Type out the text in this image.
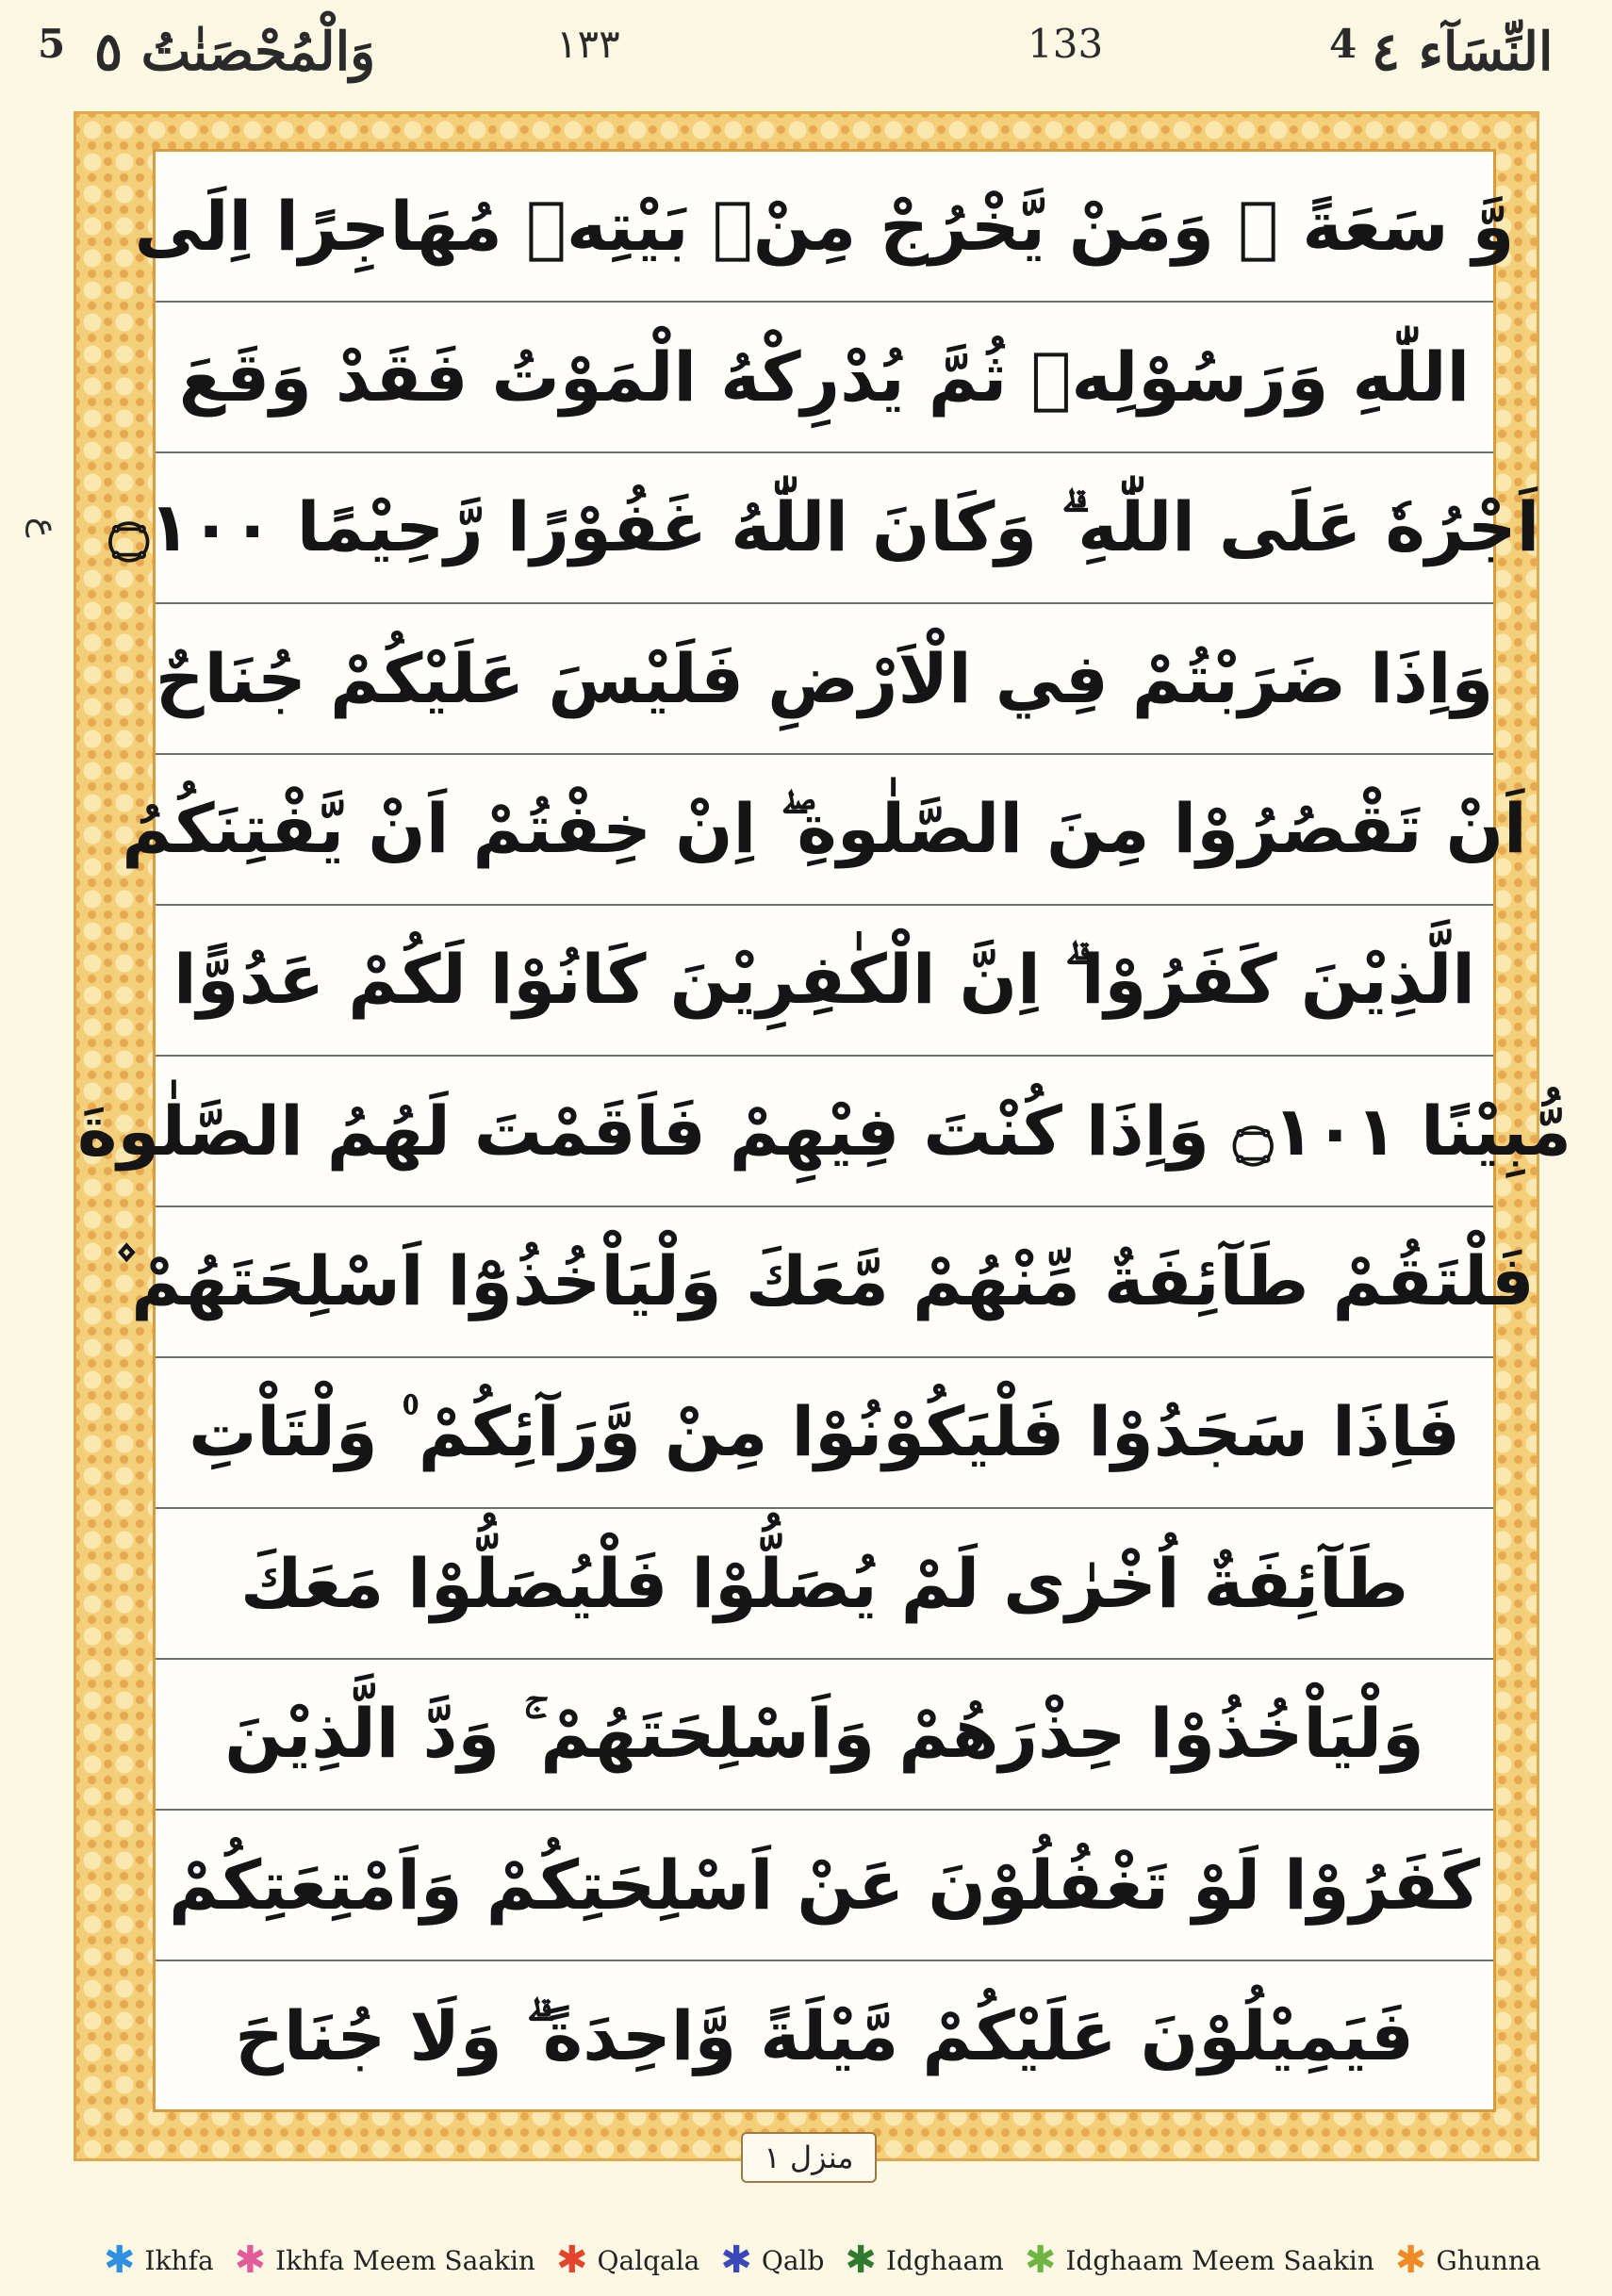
5 وَالْمُحْصَنٰتُ ٥	133
١٣٣	4 النِّسَآء ٤
ع
وَّ سَعَةً ۚ وَمَنْ يَّخْرُجْ مِنْۢ بَيْتِهٖ مُهَاجِرًا اِلَى
اللّٰهِ وَرَسُوْلِهٖ ثُمَّ يُدْرِكْهُ الْمَوْتُ فَقَدْ وَقَعَ
اَجْرُهٗ عَلَى اللّٰهِ ۗ وَكَانَ اللّٰهُ غَفُوْرًا رَّحِيْمًا ۝١٠٠
وَاِذَا ضَرَبْتُمْ فِي الْاَرْضِ فَلَيْسَ عَلَيْكُمْ جُنَاحٌ
اَنْ تَقْصُرُوْا مِنَ الصَّلٰوةِ ۖ اِنْ خِفْتُمْ اَنْ يَّفْتِنَكُمُ
الَّذِيْنَ كَفَرُوْا ۗ اِنَّ الْكٰفِرِيْنَ كَانُوْا لَكُمْ عَدُوًّا
مُّبِيْنًا ۝١٠١ وَاِذَا كُنْتَ فِيْهِمْ فَاَقَمْتَ لَهُمُ الصَّلٰوةَ
فَلْتَقُمْ طَآئِفَةٌ مِّنْهُمْ مَّعَكَ وَلْيَاْخُذُوْٓا اَسْلِحَتَهُمْ ۫
فَاِذَا سَجَدُوْا فَلْيَكُوْنُوْا مِنْ وَّرَآئِكُمْ ۠ وَلْتَاْتِ
طَآئِفَةٌ اُخْرٰى لَمْ يُصَلُّوْا فَلْيُصَلُّوْا مَعَكَ
وَلْيَاْخُذُوْا حِذْرَهُمْ وَاَسْلِحَتَهُمْ ۚ وَدَّ الَّذِيْنَ
كَفَرُوْا لَوْ تَغْفُلُوْنَ عَنْ اَسْلِحَتِكُمْ وَاَمْتِعَتِكُمْ
فَيَمِيْلُوْنَ عَلَيْكُمْ مَّيْلَةً وَّاحِدَةً ۗ وَلَا جُنَاحَ
منزل ١
✱ Ikhfa ✱ Ikhfa Meem Saakin ✱ Qalqala ✱ Qalb ✱ Idghaam ✱ Idghaam Meem Saakin ✱ Ghunna
